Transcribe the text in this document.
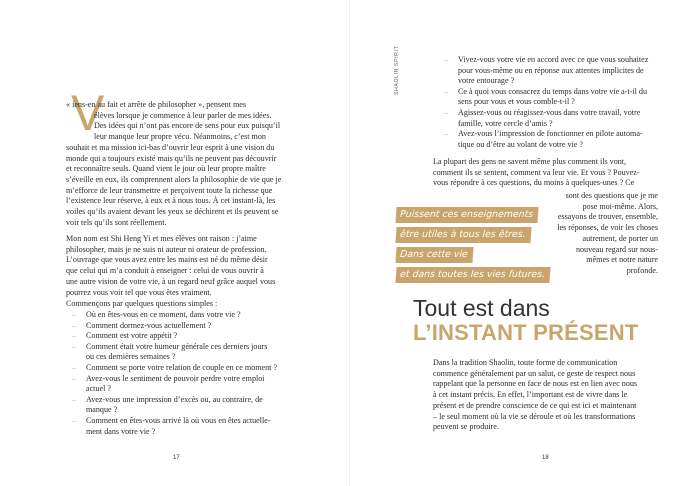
V
« iens-en au fait et arrête de philosopher », pensent mes
élèves lorsque je commence à leur parler de mes idées.
Des idées qui n’ont pas encore de sens pour eux puisqu’il
leur manque leur propre vécu. Néanmoins, c’est mon
souhait et ma mission ici-bas d’ouvrir leur esprit à une vision du
monde qui a toujours existé mais qu’ils ne peuvent pas découvrir
et reconnaître seuls. Quand vient le jour où leur propre maître
s’éveille en eux, ils comprennent alors la philosophie de vie que je
m’efforce de leur transmettre et perçoivent toute la richesse que
l’existence leur réserve, à eux et à nous tous. À cet instant-là, les
voiles qu’ils avaient devant les yeux se déchirent et ils peuvent se
voir tels qu’ils sont réellement.
Mon nom est Shi Heng Yi et mes élèves ont raison : j’aime
philosopher, mais je ne suis ni auteur ni orateur de profession.
L’ouvrage que vous avez entre les mains est né du même désir
que celui qui m’a conduit à enseigner : celui de vous ouvrir à
une autre vision de votre vie, à un regard neuf grâce auquel vous
pourrez vous voir tel que vous êtes vraiment.
Commençons par quelques questions simples :
– Où en êtes-vous en ce moment, dans votre vie ?
– Comment dormez-vous actuellement ?
– Comment est votre appétit ?
– Comment était votre humeur générale ces derniers jours
ou ces dernières semaines ?
– Comment se porte votre relation de couple en ce moment ?
– Avez-vous le sentiment de pouvoir perdre votre emploi
actuel ?
– Avez-vous une impression d’excès ou, au contraire, de
manque ?
– Comment en êtes-vous arrivé là où vous en êtes actuelle-
ment dans votre vie ?
17
SHAOLIN SPIRIT
–	Vivez-vous votre vie en accord avec ce que vous souhaitez
pour vous-même ou en réponse aux attentes implicites de
votre entourage ?
– Ce à quoi vous consacrez du temps dans votre vie a-t-il du
sens pour vous et vous comble-t-il ?
– Agissez-vous ou réagissez-vous dans votre travail, votre
famille, votre cercle d’amis ?
– Avez-vous l’impression de fonctionner en pilote automa-
tique ou d’être au volant de votre vie ?
La plupart des gens ne savent même plus comment ils vont,
comment ils se sentent, comment va leur vie. Et vous ? Pouvez-
vous répondre à ces questions, du moins à quelques-unes ? Ce
sont des questions que je me
pose moi-même. Alors,
essayons de trouver, ensemble,
les réponses, de voir les choses
autrement, de porter un
nouveau regard sur nous-
mêmes et notre nature
profonde.
Puissent ces enseignements
être utiles à tous les êtres.
Dans cette vie
et dans toutes les vies futures.
Tout est dans
L’INSTANT PRÉSENT
Dans la tradition Shaolin, toute forme de communication
commence généralement par un salut, ce geste de respect nous
rappelant que la personne en face de nous est en lien avec nous
à cet instant précis. En effet, l’important est de vivre dans le
présent et de prendre conscience de ce qui est ici et maintenant
– le seul moment où la vie se déroule et où les transformations
peuvent se produire.
18
